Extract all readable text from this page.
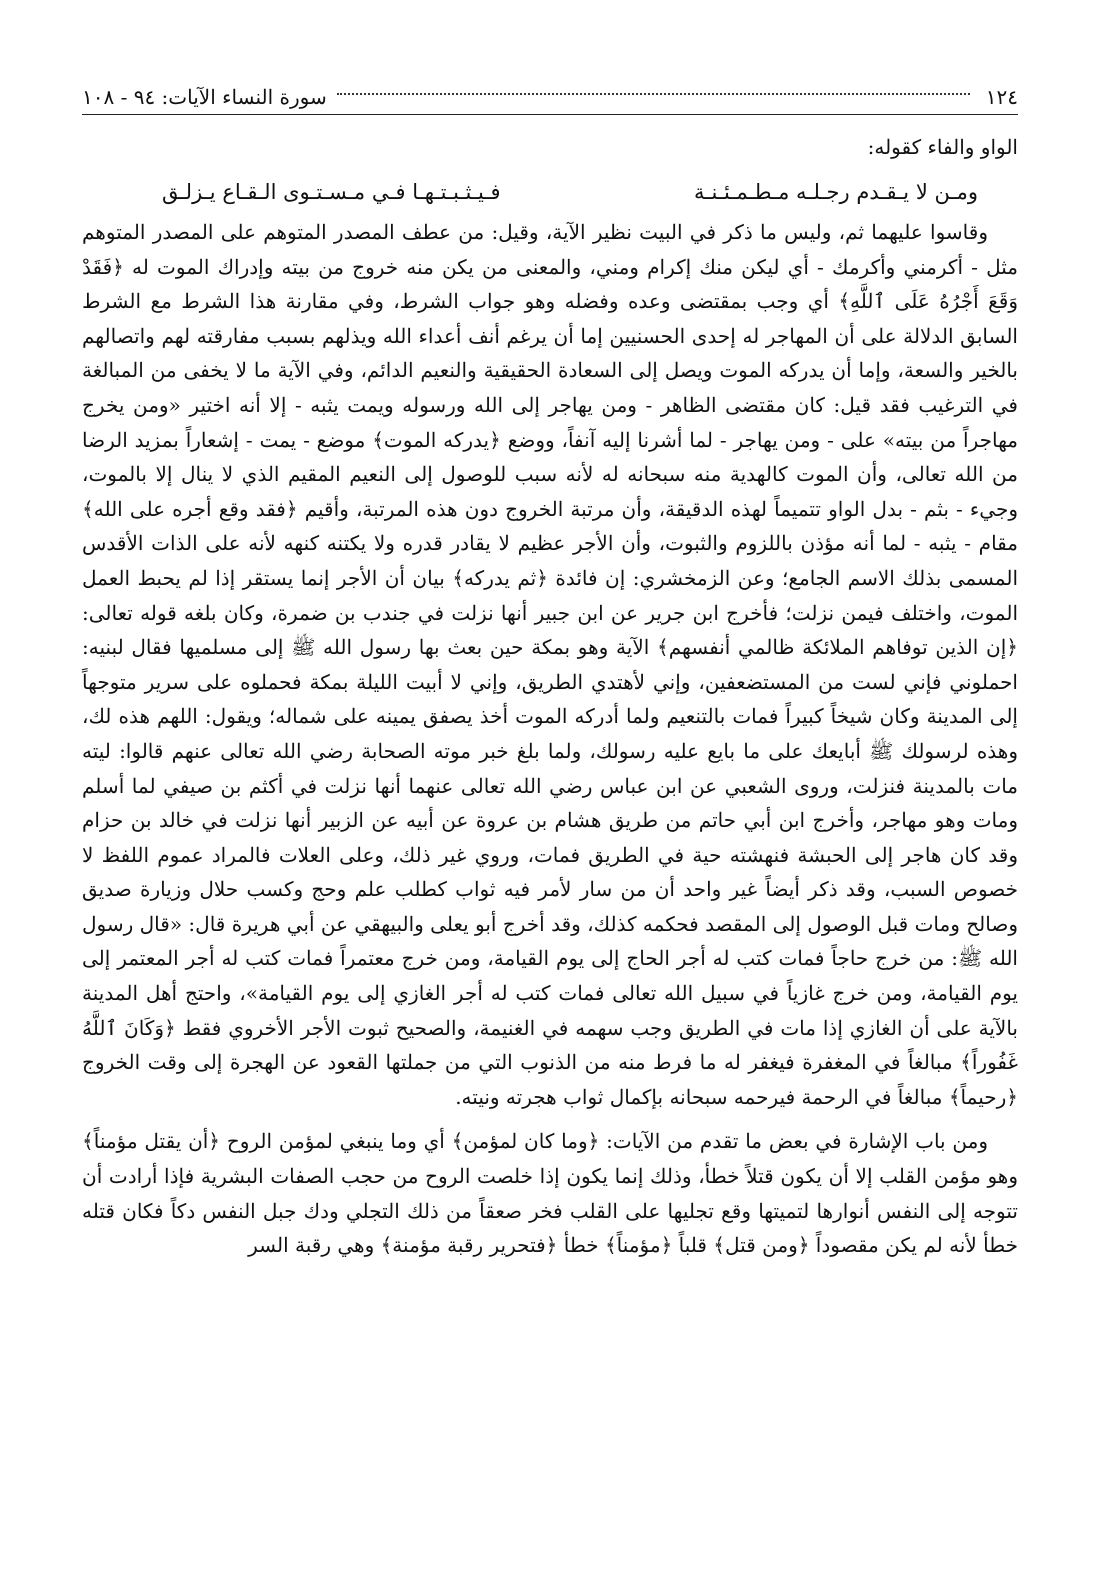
١٢٤
سورة النساء الآيات: ٩٤ - ١٠٨
الواو والفاء كقوله:
ومـن لا يـقـدم رجـلـه مـطـمـئـنـة
فـيـثـبـتـهـا فـي مـسـتـوى الـقـاع يـزلـق

وقاسوا عليهما ثم، وليس ما ذكر في البيت نظير الآية، وقيل: من عطف المصدر المتوهم على المصدر المتوهم مثل - أكرمني وأكرمك - أي ليكن منك إكرام ومني، والمعنى من يكن منه خروج من بيته وإدراك الموت له ﴿فَقَدْ وَقَعَ أَجْرُهُ عَلَى ٱللَّهِ﴾ أي وجب بمقتضى وعده وفضله وهو جواب الشرط، وفي مقارنة هذا الشرط مع الشرط السابق الدلالة على أن المهاجر له إحدى الحسنيين إما أن يرغم أنف أعداء الله ويذلهم بسبب مفارقته لهم واتصالهم بالخير والسعة، وإما أن يدركه الموت ويصل إلى السعادة الحقيقية والنعيم الدائم، وفي الآية ما لا يخفى من المبالغة في الترغيب فقد قيل: كان مقتضى الظاهر - ومن يهاجر إلى الله ورسوله ويمت يثبه - إلا أنه اختير «ومن يخرج مهاجراً من بيته» على - ومن يهاجر - لما أشرنا إليه آنفاً، ووضع ﴿يدركه الموت﴾ موضع - يمت - إشعاراً بمزيد الرضا من الله تعالى، وأن الموت كالهدية منه سبحانه له لأنه سبب للوصول إلى النعيم المقيم الذي لا ينال إلا بالموت، وجيء - بثم - بدل الواو تتميماً لهذه الدقيقة، وأن مرتبة الخروج دون هذه المرتبة، وأقيم ﴿فقد وقع أجره على الله﴾ مقام - يثبه - لما أنه مؤذن باللزوم والثبوت، وأن الأجر عظيم لا يقادر قدره ولا يكتنه كنهه لأنه على الذات الأقدس المسمى بذلك الاسم الجامع؛ وعن الزمخشري: إن فائدة ﴿ثم يدركه﴾ بيان أن الأجر إنما يستقر إذا لم يحبط العمل الموت، واختلف فيمن نزلت؛ فأخرج ابن جرير عن ابن جبير أنها نزلت في جندب بن ضمرة، وكان بلغه قوله تعالى: ﴿إن الذين توفاهم الملائكة ظالمي أنفسهم﴾ الآية وهو بمكة حين بعث بها رسول الله ﷺ إلى مسلميها فقال لبنيه: احملوني فإني لست من المستضعفين، وإني لأهتدي الطريق، وإني لا أبيت الليلة بمكة فحملوه على سرير متوجهاً إلى المدينة وكان شيخاً كبيراً فمات بالتنعيم ولما أدركه الموت أخذ يصفق يمينه على شماله؛ ويقول: اللهم هذه لك، وهذه لرسولك ﷺ أبايعك على ما بايع عليه رسولك، ولما بلغ خبر موته الصحابة رضي الله تعالى عنهم قالوا: ليته مات بالمدينة فنزلت، وروى الشعبي عن ابن عباس رضي الله تعالى عنهما أنها نزلت في أكثم بن صيفي لما أسلم ومات وهو مهاجر، وأخرج ابن أبي حاتم من طريق هشام بن عروة عن أبيه عن الزبير أنها نزلت في خالد بن حزام وقد كان هاجر إلى الحبشة فنهشته حية في الطريق فمات، وروي غير ذلك، وعلى العلات فالمراد عموم اللفظ لا خصوص السبب، وقد ذكر أيضاً غير واحد أن من سار لأمر فيه ثواب كطلب علم وحج وكسب حلال وزيارة صديق وصالح ومات قبل الوصول إلى المقصد فحكمه كذلك، وقد أخرج أبو يعلى والبيهقي عن أبي هريرة قال: «قال رسول الله ﷺ: من خرج حاجاً فمات كتب له أجر الحاج إلى يوم القيامة، ومن خرج معتمراً فمات كتب له أجر المعتمر إلى يوم القيامة، ومن خرج غازياً في سبيل الله تعالى فمات كتب له أجر الغازي إلى يوم القيامة»، واحتج أهل المدينة بالآية على أن الغازي إذا مات في الطريق وجب سهمه في الغنيمة، والصحيح ثبوت الأجر الأخروي فقط ﴿وَكَانَ ٱللَّهُ غَفُوراً﴾ مبالغاً في المغفرة فيغفر له ما فرط منه من الذنوب التي من جملتها القعود عن الهجرة إلى وقت الخروج ﴿رحيماً﴾ مبالغاً في الرحمة فيرحمه سبحانه بإكمال ثواب هجرته ونيته.

ومن باب الإشارة في بعض ما تقدم من الآيات: ﴿وما كان لمؤمن﴾ أي وما ينبغي لمؤمن الروح ﴿أن يقتل مؤمناً﴾ وهو مؤمن القلب إلا أن يكون قتلاً خطأ، وذلك إنما يكون إذا خلصت الروح من حجب الصفات البشرية فإذا أرادت أن تتوجه إلى النفس أنوارها لتميتها وقع تجليها على القلب فخر صعقاً من ذلك التجلي ودك جبل النفس دكاً فكان قتله خطأ لأنه لم يكن مقصوداً ﴿ومن قتل﴾ قلباً ﴿مؤمناً﴾ خطأ ﴿فتحرير رقبة مؤمنة﴾ وهي رقبة السر
